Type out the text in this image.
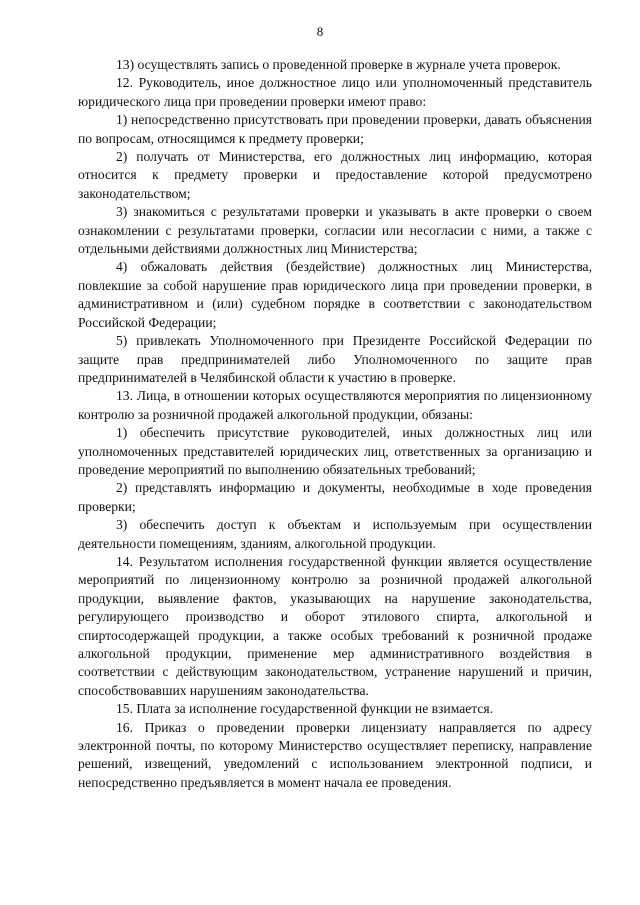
8

13) осуществлять запись о проведенной проверке в журнале учета проверок.

12. Руководитель, иное должностное лицо или уполномоченный представитель юридического лица при проведении проверки имеют право:

1) непосредственно присутствовать при проведении проверки, давать объяснения по вопросам, относящимся к предмету проверки;

2) получать от Министерства, его должностных лиц информацию, которая относится к предмету проверки и предоставление которой предусмотрено законодательством;

3) знакомиться с результатами проверки и указывать в акте проверки о своем ознакомлении с результатами проверки, согласии или несогласии с ними, а также с отдельными действиями должностных лиц Министерства;

4) обжаловать действия (бездействие) должностных лиц Министерства, повлекшие за собой нарушение прав юридического лица при проведении проверки, в административном и (или) судебном порядке в соответствии с законодательством Российской Федерации;

5) привлекать Уполномоченного при Президенте Российской Федерации по защите прав предпринимателей либо Уполномоченного по защите прав предпринимателей в Челябинской области к участию в проверке.

13. Лица, в отношении которых осуществляются мероприятия по лицензионному контролю за розничной продажей алкогольной продукции, обязаны:

1) обеспечить присутствие руководителей, иных должностных лиц или уполномоченных представителей юридических лиц, ответственных за организацию и проведение мероприятий по выполнению обязательных требований;

2) представлять информацию и документы, необходимые в ходе проведения проверки;

3) обеспечить доступ к объектам и используемым при осуществлении деятельности помещениям, зданиям, алкогольной продукции.

14. Результатом исполнения государственной функции является осуществление мероприятий по лицензионному контролю за розничной продажей алкогольной продукции, выявление фактов, указывающих на нарушение законодательства, регулирующего производство и оборот этилового спирта, алкогольной и спиртосодержащей продукции, а также особых требований к розничной продаже алкогольной продукции, применение мер административного воздействия в соответствии с действующим законодательством, устранение нарушений и причин, способствовавших нарушениям законодательства.

15. Плата за исполнение государственной функции не взимается.

16. Приказ о проведении проверки лицензиату направляется по адресу электронной почты, по которому Министерство осуществляет переписку, направление решений, извещений, уведомлений с использованием электронной подписи, и непосредственно предъявляется в момент начала ее проведения.
